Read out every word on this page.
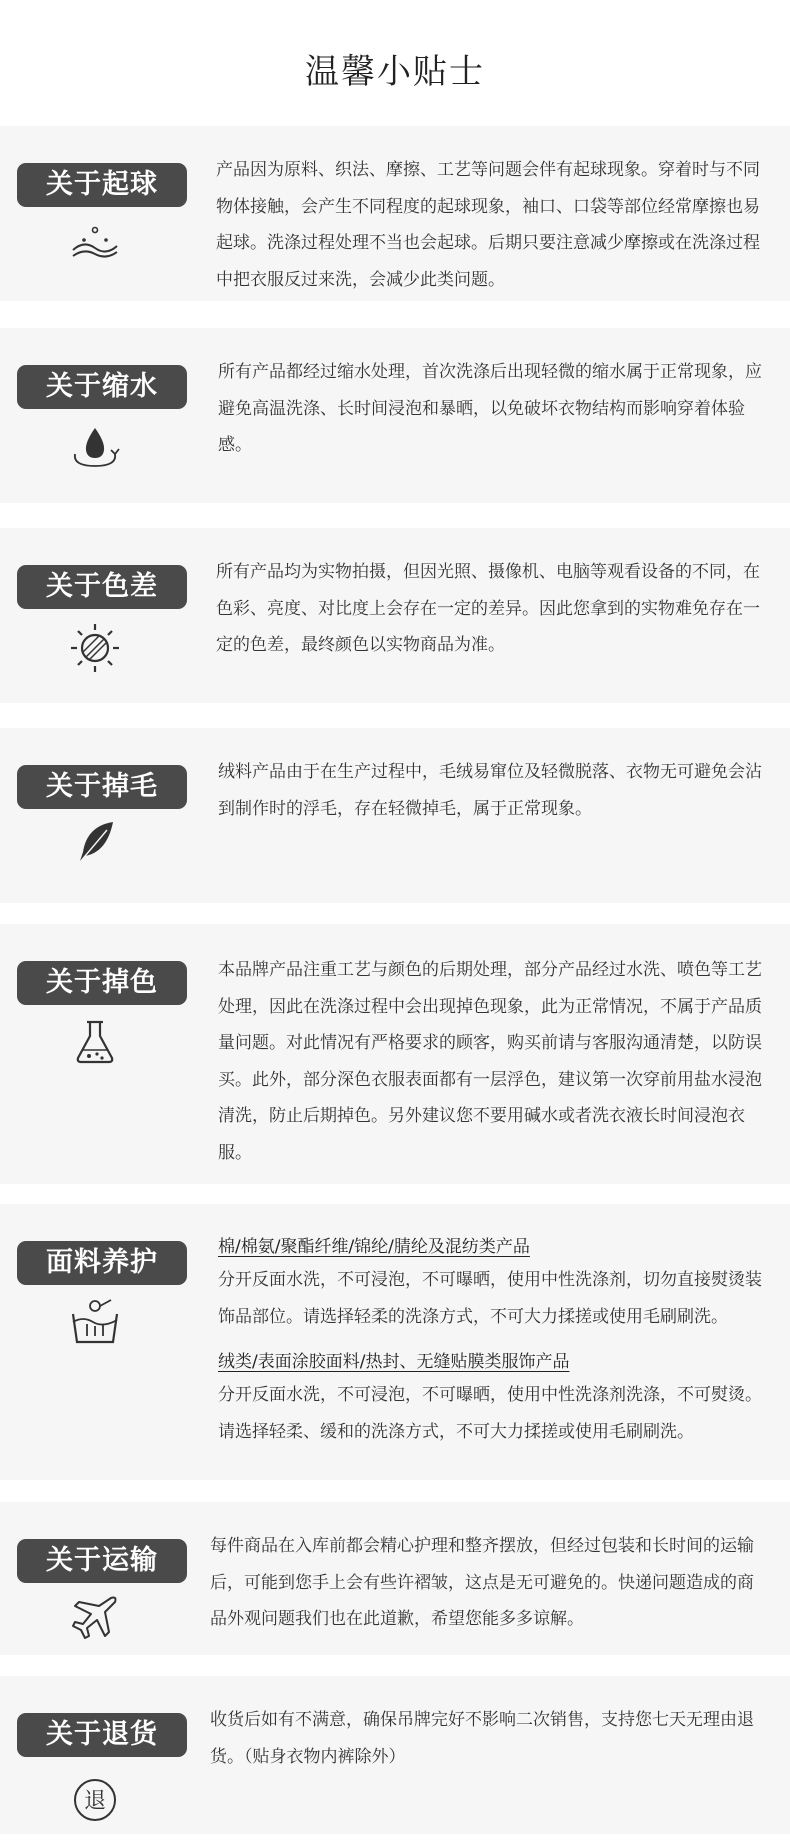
温馨小贴士
关于起球	产品因为原料、织法、摩擦、工艺等问题会伴有起球现象。穿着时与不同物体接触，会产生不同程度的起球现象，袖口、口袋等部位经常摩擦也易起球。洗涤过程处理不当也会起球。后期只要注意减少摩擦或在洗涤过程中把衣服反过来洗，会减少此类问题。
关于缩水	所有产品都经过缩水处理，首次洗涤后出现轻微的缩水属于正常现象，应避免高温洗涤、长时间浸泡和暴晒，以免破坏衣物结构而影响穿着体验感。
关于色差	所有产品均为实物拍摄，但因光照、摄像机、电脑等观看设备的不同，在色彩、亮度、对比度上会存在一定的差异。因此您拿到的实物难免存在一定的色差，最终颜色以实物商品为准。
关于掉毛	绒料产品由于在生产过程中，毛绒易窜位及轻微脱落、衣物无可避免会沾到制作时的浮毛，存在轻微掉毛，属于正常现象。
关于掉色	本品牌产品注重工艺与颜色的后期处理，部分产品经过水洗、喷色等工艺处理，因此在洗涤过程中会出现掉色现象，此为正常情况，不属于产品质量问题。对此情况有严格要求的顾客，购买前请与客服沟通清楚，以防误买。此外，部分深色衣服表面都有一层浮色，建议第一次穿前用盐水浸泡清洗，防止后期掉色。另外建议您不要用碱水或者洗衣液长时间浸泡衣服。
面料养护	棉/棉氨/聚酯纤维/锦纶/腈纶及混纺类产品
分开反面水洗，不可浸泡，不可曝晒，使用中性洗涤剂，切勿直接熨烫装饰品部位。请选择轻柔的洗涤方式，不可大力揉搓或使用毛刷刷洗。
绒类/表面涂胶面料/热封、无缝贴膜类服饰产品
分开反面水洗，不可浸泡，不可曝晒，使用中性洗涤剂洗涤，不可熨烫。请选择轻柔、缓和的洗涤方式，不可大力揉搓或使用毛刷刷洗。
关于运输	每件商品在入库前都会精心护理和整齐摆放，但经过包装和长时间的运输后，可能到您手上会有些许褶皱，这点是无可避免的。快递问题造成的商品外观问题我们也在此道歉，希望您能多多谅解。
关于退货
退
收货后如有不满意，确保吊牌完好不影响二次销售，支持您七天无理由退货。（贴身衣物内裤除外）
